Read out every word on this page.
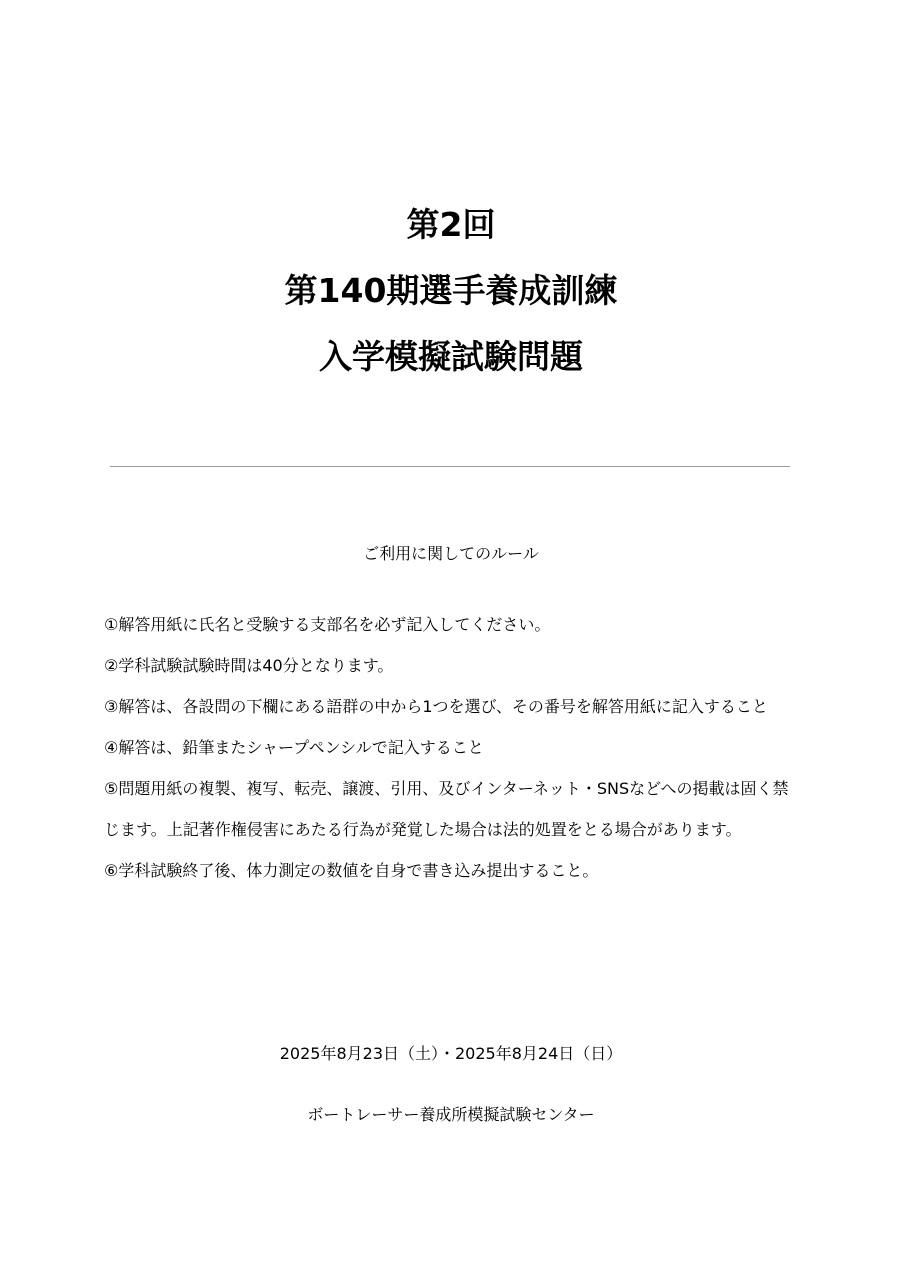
第2回
第140期選手養成訓練
入学模擬試験問題
ご利用に関してのルール
①解答用紙に氏名と受験する支部名を必ず記入してください。
②学科試験試験時間は40分となります。
③解答は、各設問の下欄にある語群の中から1つを選び、その番号を解答用紙に記入すること
④解答は、鉛筆またシャープペンシルで記入すること
⑤問題用紙の複製、複写、転売、譲渡、引用、及びインターネット・SNSなどへの掲載は固く禁じます。上記著作権侵害にあたる行為が発覚した場合は法的処置をとる場合があります。
⑥学科試験終了後、体力測定の数値を自身で書き込み提出すること。
2025年8月23日（土）・2025年8月24日（日）
ボートレーサー養成所模擬試験センター
